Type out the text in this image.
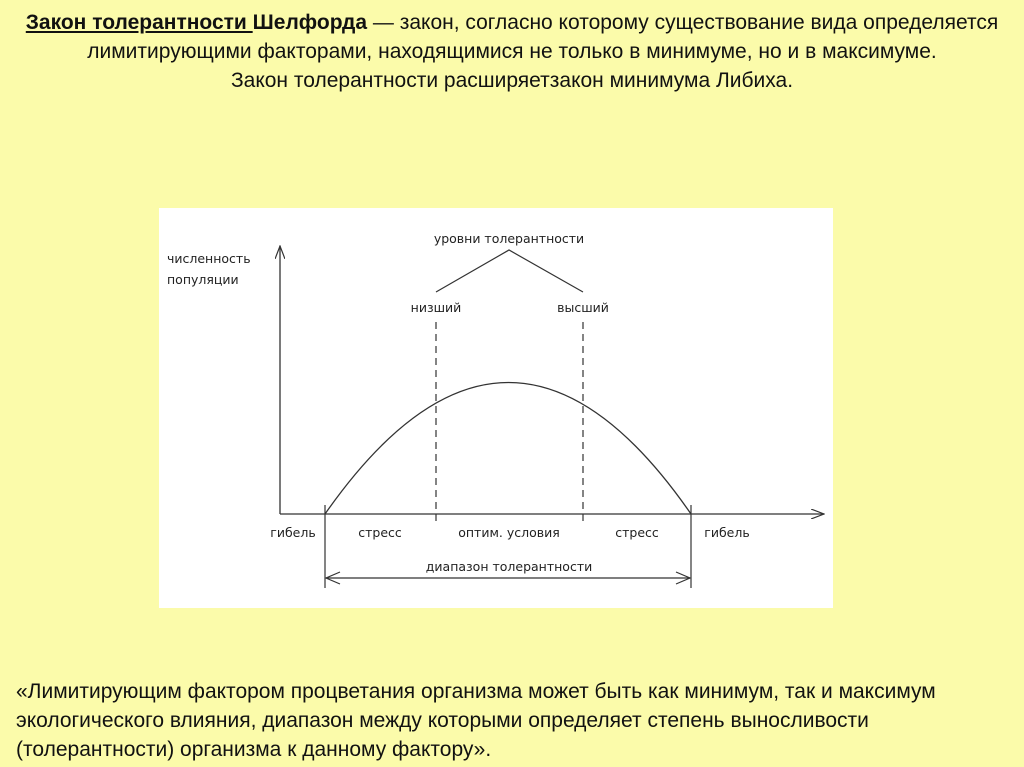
Закон толерантности Шелфорда — закон, согласно которому существование вида определяется лимитирующими факторами, находящимися не только в минимуме, но и в максимуме.
Закон толерантности расширяетзакон минимума Либиха.
численность
популяции
уровни толерантности
низший	высший
гибель	стресс	оптим. условия	стресс	гибель
диапазон толерантности
«Лимитирующим фактором процветания организма может быть как минимум, так и максимум экологического влияния, диапазон между которыми определяет степень выносливости (толерантности) организма к данному фактору».
